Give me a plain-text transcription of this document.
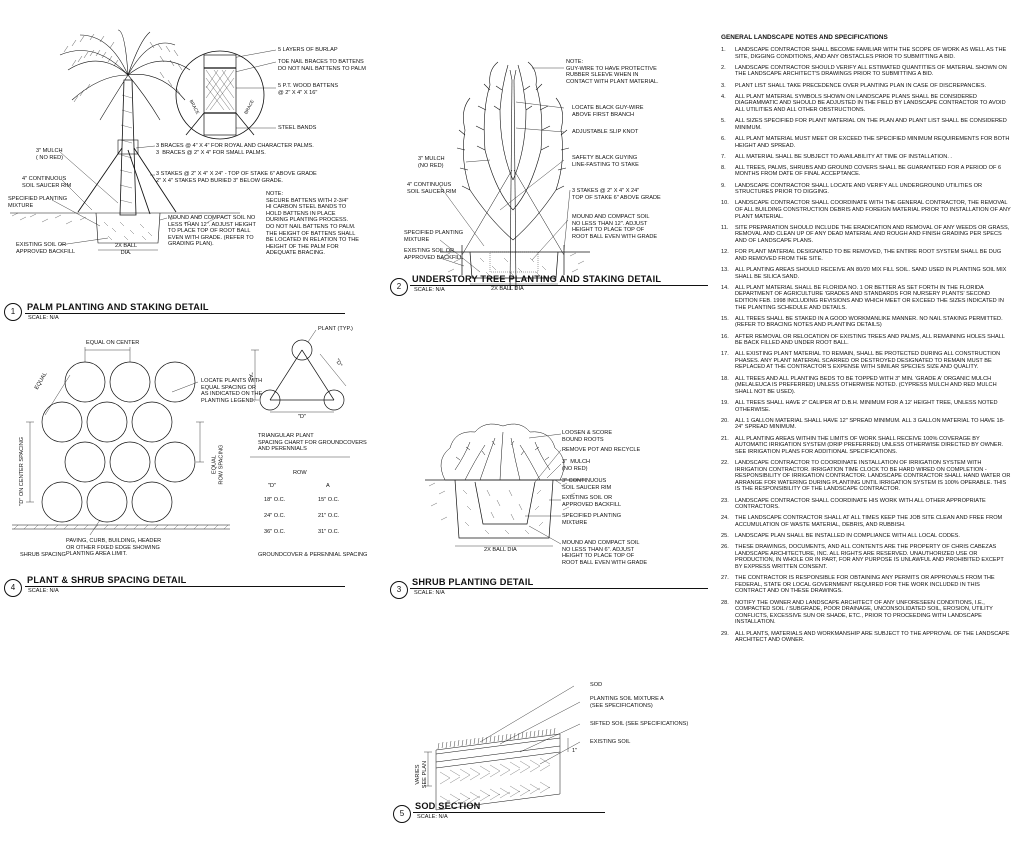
BRACE	BRACE
5 LAYERS OF BURLAP
TOE NAIL BRACES TO BATTENS
DO NOT NAIL BATTENS TO PALM
5 P.T. WOOD BATTENS
@ 2" X 4" X 16"
STEEL BANDS
3 BRACES @ 4" X 4" FOR ROYAL AND CHARACTER PALMS.
3  BRACES @ 2" X 4" FOR SMALL PALMS.
3" MULCH
( NO RED)
4" CONTINUOUS
SOIL SAUCER RIM
3 STAKES @ 2" X 4" X 24" - TOP OF STAKE 6" ABOVE GRADE
2" X 4" STAKES PAD BURIED 3" BELOW GRADE.
SPECIFIED PLANTING
MIXTURE
NOTE:
SECURE BATTENS WITH 2-3/4"
HI CARBON STEEL BANDS TO
HOLD BATTENS IN PLACE
DURING PLANTING PROCESS.
DO NOT NAIL BATTENS TO PALM.
THE HEIGHT OF BATTENS SHALL
BE LOCATED IN RELATION TO THE
HEIGHT OF THE PALM FOR
ADEQUATE BRACING.
MOUND AND COMPACT SOIL NO
LESS THAN 12". ADJUST HEIGHT
TO PLACE TOP OF ROOT BALL
EVEN WITH GRADE. (REFER TO
GRADING PLAN).
EXISTING SOIL OR
APPROVED BACKFILL
2X BALL
DIA.
1	PALM PLANTING AND STAKING DETAIL
SCALE: N/A
NOTE:
GUY-WIRE TO HAVE PROTECTIVE
RUBBER SLEEVE WHEN IN
CONTACT WITH PLANT MATERIAL.
LOCATE BLACK GUY-WIRE
ABOVE FIRST BRANCH
ADJUSTABLE SLIP KNOT
3" MULCH
(NO RED)
SAFETY BLACK GUYING
LINE-FASTING TO STAKE
4" CONTINUOUS
SOIL SAUCER RIM	3 STAKES @ 2" X 4" X 24"
TOP OF STAKE 6" ABOVE GRADE
MOUND AND COMPACT SOIL
NO LESS THAN 12". ADJUST
HEIGHT TO PLACE TOP OF
ROOT BALL EVEN WITH GRADE
SPECIFIED PLANTING
MIXTURE
EXISTING SOIL OR
APPROVED BACKFILL
2X BALL DIA
2
UNDERSTORY TREE PLANTING AND STAKING DETAIL
SCALE: N/A
EQUAL ON CENTER
EQUAL	LOCATE PLANTS WITH
EQUAL SPACING OR
AS INDICATED ON THE
PLANTING LEGEND.
"D" ON CENTER SPACING	EQUAL
ROW SPACING
PAVING, CURB, BUILDING, HEADER
OR OTHER FIXED EDGE SHOWING
PLANTING AREA LIMIT.
SHRUB SPACING
PLANT (TYP.)
"A"
"D"
"D"
TRIANGULAR PLANT
SPACING CHART FOR GROUNDCOVERS
AND PERENNIALS
ROW
"D"	A
18" O.C.	15" O.C.
24" O.C.	21" O.C.
36" O.C.	31" O.C.
GROUNDCOVER & PERENNIAL SPACING
4
PLANT & SHRUB SPACING DETAIL
SCALE: N/A
LOOSEN & SCORE
BOUND ROOTS
REMOVE POT AND RECYCLE
3"  MULCH
(NO RED)
3" CONTINUOUS
SOIL SAUCER RIM
EXISTING SOIL OR
APPROVED BACKFILL
SPECIFIED PLANTING
MIXTURE
MOUND AND COMPACT SOIL
NO LESS THAN 6". ADJUST
HEIGHT TO PLACE TOP OF
ROOT BALL EVEN WITH GRADE
2X BALL DIA
3
SHRUB PLANTING DETAIL
SCALE: N/A
SOD
PLANTING SOIL MIXTURE A
(SEE SPECIFICATIONS)
SIFTED SOIL (SEE SPECIFICATIONS)
EXISTING SOIL
1"
VARIES
SEE PLAN
5
SOD SECTION
SCALE: N/A
GENERAL LANDSCAPE NOTES AND SPECIFICATIONS
1.	LANDSCAPE CONTRACTOR SHALL BECOME FAMILIAR WITH THE SCOPE OF WORK AS WELL AS THE SITE, DIGGING CONDITIONS, AND ANY OBSTACLES PRIOR TO SUBMITTING A BID.
2.	LANDSCAPE CONTRACTOR SHOULD VERIFY ALL ESTIMATED QUANTITIES OF MATERIAL SHOWN ON THE LANDSCAPE ARCHITECT'S DRAWINGS PRIOR TO SUBMITTING A BID.
3.	PLANT LIST SHALL TAKE PRECEDENCE OVER PLANTING PLAN IN CASE OF DISCREPANCIES.
4.	ALL PLANT MATERIAL SYMBOLS SHOWN ON LANDSCAPE PLANS SHALL BE CONSIDERED DIAGRAMMATIC AND SHOULD BE ADJUSTED IN THE FIELD BY LANDSCAPE CONTRACTOR TO AVOID ALL UTILITIES AND ALL OTHER OBSTRUCTIONS.
5.	ALL SIZES SPECIFIED FOR PLANT MATERIAL ON THE PLAN AND PLANT LIST SHALL BE CONSIDERED MINIMUM.
6.	ALL PLANT MATERIAL MUST MEET OR EXCEED THE SPECIFIED MINIMUM REQUIREMENTS FOR BOTH HEIGHT AND SPREAD.
7.	ALL MATERIAL SHALL BE SUBJECT TO AVAILABILITY AT TIME OF INSTALLATION. .
8.	ALL TREES, PALMS, SHRUBS AND GROUND COVERS SHALL BE GUARANTEED FOR A PERIOD OF 6 MONTHS FROM DATE OF FINAL ACCEPTANCE.
9.	LANDSCAPE CONTRACTOR SHALL LOCATE AND VERIFY ALL UNDERGROUND UTILITIES OR STRUCTURES PRIOR TO DIGGING.
10.	LANDSCAPE CONTRACTOR SHALL COORDINATE WITH THE GENERAL CONTRACTOR, THE REMOVAL OF ALL BUILDING CONSTRUCTION DEBRIS AND FOREIGN MATERIAL PRIOR TO INSTALLATION OF ANY PLANT MATERIAL.
11.	SITE PREPARATION SHOULD INCLUDE THE ERADICATION AND REMOVAL OF ANY WEEDS OR GRASS, REMOVAL AND CLEAN UP OF ANY DEAD MATERIAL AND ROUGH AND FINISH GRADING PER SPECS AND OF LANDSCAPE PLANS.
12.	FOR PLANT MATERIAL DESIGNATED TO BE REMOVED, THE ENTIRE ROOT SYSTEM SHALL BE DUG AND REMOVED FROM THE SITE.
13.	ALL PLANTING AREAS SHOULD RECEIVE AN 80/20 MIX FILL SOIL. SAND USED IN PLANTING SOIL MIX SHALL BE SILICA SAND.
14.	ALL PLANT MATERIAL SHALL BE FLORIDA NO. 1 OR BETTER AS SET FORTH IN THE FLORIDA DEPARTMENT OF AGRICULTURE 'GRADES AND STANDARDS FOR NURSERY PLANTS' SECOND EDITION FEB. 1998 INCLUDING REVISIONS AND WHICH MEET OR EXCEED THE SIZES INDICATED IN THE PLANTING SCHEDULE AND DETAILS.
15.	ALL TREES SHALL BE STAKED IN A GOOD WORKMANLIKE MANNER. NO NAIL STAKING PERMITTED. (REFER TO BRACING NOTES AND PLANTING DETAILS)
16.	AFTER REMOVAL OR RELOCATION OF EXISTING TREES AND PALMS, ALL REMAINING HOLES SHALL BE BACK FILLED AND UNDER ROOT BALL.
17.	ALL EXISTING PLANT MATERIAL TO REMAIN, SHALL BE PROTECTED DURING ALL CONSTRUCTION PHASES. ANY PLANT MATERIAL SCARRED OR DESTROYED DESIGNATED TO REMAIN MUST BE REPLACED AT THE CONTRACTOR'S EXPENSE WITH SIMILAR SPECIES SIZE AND QUALITY.
18.	ALL TREES AND ALL PLANTING BEDS TO BE TOPPED WITH 3" MIN. 'GRADE A' ORGANIC MULCH (MELALEUCA IS PREFERRED) UNLESS OTHERWISE NOTED. (CYPRESS MULCH AND RED MULCH SHALL NOT BE USED).
19.	ALL TREES SHALL HAVE 2" CALIPER AT D.B.H. MINIMUM FOR A 12' HEIGHT TREE, UNLESS NOTED OTHERWISE.
20.	ALL 1 GALLON MATERIAL SHALL HAVE 12" SPREAD MINIMUM. ALL 3 GALLON MATERIAL TO HAVE 18-24" SPREAD MINIMUM.
21.	ALL PLANTING AREAS WITHIN THE LIMITS OF WORK SHALL RECEIVE 100% COVERAGE BY AUTOMATIC IRRIGATION SYSTEM (DRIP PREFERRED) UNLESS OTHERWISE DIRECTED BY OWNER. SEE IRRIGATION PLANS FOR ADDITIONAL SPECIFICATIONS.
22.	LANDSCAPE CONTRACTOR TO COORDINATE INSTALLATION OF IRRIGATION SYSTEM WITH IRRIGATION CONTRACTOR. IRRIGATION TIME CLOCK TO BE HARD WIRED ON COMPLETION - RESPONSIBILITY OF IRRIGATION CONTRACTOR. LANDSCAPE CONTRACTOR SHALL HAND WATER OR ARRANGE FOR WATERING DURING PLANTING UNTIL IRRIGATION SYSTEM IS 100% OPERABLE. THIS IS THE RESPONSIBILITY OF THE LANDSCAPE CONTRACTOR.
23.	LANDSCAPE CONTRACTOR SHALL COORDINATE HIS WORK WITH ALL OTHER APPROPRIATE CONTRACTORS.
24.	THE LANDSCAPE CONTRACTOR SHALL AT ALL TIMES KEEP THE JOB SITE CLEAN AND FREE FROM ACCUMULATION OF WASTE MATERIAL, DEBRIS, AND RUBBISH.
25.	LANDSCAPE PLAN SHALL BE INSTALLED IN COMPLIANCE WITH ALL LOCAL CODES.
26.	THESE DRAWINGS, DOCUMENTS, AND ALL CONTENTS ARE THE PROPERTY OF CHRIS CABEZAS LANDSCAPE ARCHITECTURE, INC. ALL RIGHTS ARE RESERVED. UNAUTHORIZED USE OR PRODUCTION, IN WHOLE OR IN PART, FOR ANY PURPOSE IS UNLAWFUL AND PROHIBITED EXCEPT BY EXPRESS WRITTEN CONSENT.
27.	THE CONTRACTOR IS RESPONSIBLE FOR OBTAINING ANY PERMITS OR APPROVALS FROM THE FEDERAL, STATE OR LOCAL GOVERNMENT REQUIRED FOR THE WORK INCLUDED IN THIS CONTRACT AND ON THESE DRAWINGS.
28.	NOTIFY THE OWNER AND LANDSCAPE ARCHITECT OF ANY UNFORESEEN CONDITIONS, I.E., COMPACTED SOIL / SUBGRADE, POOR DRAINAGE, UNCONSOLIDATED SOIL, EROSION, UTILITY CONFLICTS, EXCESSIVE SUN OR SHADE, ETC., PRIOR TO PROCEEDING WITH LANDSCAPE INSTALLATION.
29.	ALL PLANTS, MATERIALS AND WORKMANSHIP ARE SUBJECT TO THE APPROVAL OF THE LANDSCAPE ARCHITECT AND OWNER.
